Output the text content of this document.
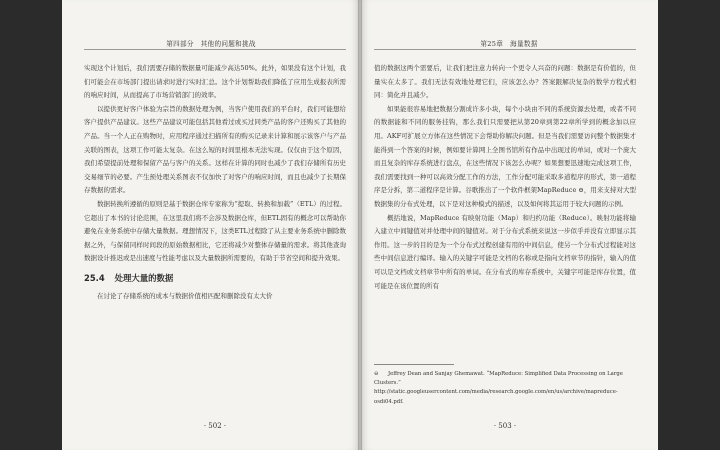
第四部分　其他的问题和挑战

实现这个计划后，我们需要存储的数据量可能减少高达50%。此外，如果没有这个计划，我们可能会在市场部门提出请求时进行实时汇总。这个计划帮助我们降低了应用生成报表所需的响应时间，从而提高了市场营销部门的效率。

以提供更好客户体验为宗旨的数据处理为例，当客户使用我们的平台时，我们可能想给客户提供产品建议。这些产品建议可能包括其他看过或买过同类产品的客户还购买了其他的产品。当一个人正在购物时，应用程序通过扫描所有的购买记录来计算和展示该客户与产品关联的图表，这项工作可能太复杂。在这么短的时间里根本无法实现。仅仅由于这个原因，我们希望提前处理和保留产品与客户的关系。这样在计算的同时也减少了我们存储所有历史交易细节的必要。产生预处理关系图表不仅加快了对客户的响应时间，而且也减少了长期保存数据的需求。

数据转换所遵循的原则是基于数据仓库专家称为“提取、转换和加载”（ETL）的过程。它超出了本书的讨论范围，在这里我们将不会涉及数据仓库，但ETL固有的概念可以帮助你避免在业务系统中存储大量数据。理想情况下，这类ETL过程除了从主要业务系统中删除数据之外，与保留同样时间段的原始数据相比，它还将减少对整体存储量的需求。将其他查询数据设计推迟或是出速度与性能考虑以及大量数据所需要的，有助于节省空间和提升效果。

25.4 处理大量的数据

在讨论了存储系统的成本与数据价值相匹配和删除没有太大价

· 502 ·
第25章　海量数据

值的数据这两个需要后，让我们把注意力转向一个更令人兴奋的问题：数据是有价值的，但量实在太多了。我们无法有效地处理它们，应该怎么办？答案跟解决复杂的数学方程式相同：简化并且减少。

如果能很容易地把数据分割成许多小块，每个小块由不同的系统资源去处理，或者不同的数据能和不同的服务挂钩，那么我们只需要把从第20章到第22章所学到的概念加以应用。AKF可扩展立方体在这些情况下会帮助你解决问题。但是当我们需要访问整个数据集才能得到一个答案的时候，例如要计算网上全图书馆所有作品中出现过的单词，或对一个庞大而且复杂的库存系统进行盘点，在这些情况下该怎么办呢？如果想要迅速地完成这项工作，我们需要找到一种可以高效分配工作的方法，工作分配可能采取多道程序的形式，第一道程序是分拆，第二道程序是计算。谷歌推出了一个软件框架MapReduce ⊖，用来支持对大型数据集的分布式处理，以下是对这种模式的描述，以及如何将其运用于较大问题的示例。

概括地说，MapReduce 有映射功能（Map）和归约功能（Reduce）。映射功能将输入建立中间键值对并处理中间的键值对。对于分布式系统来说这一步似乎并没有立即显示其作用。这一步的目的是为一个分布式过程创建有用的中间信息，使另一个分布式过程能对这些中间信息进行编译。输入的关键字可能是文档的名称或是指向文档章节的指针，输入的值可以是文档或文档章节中所有的单词。在分布式的库存系统中，关键字可能是库存位置，值可能是在该位置的所有

⊖ Jeffrey Dean and Sanjay Ghemawat. “MapReduce: Simplified Data Processing on Large Clusters.” http://static.googleusercontent.com/media/research.google.com/en/us/archive/mapreduce-osdi04.pdf.
· 503 ·
